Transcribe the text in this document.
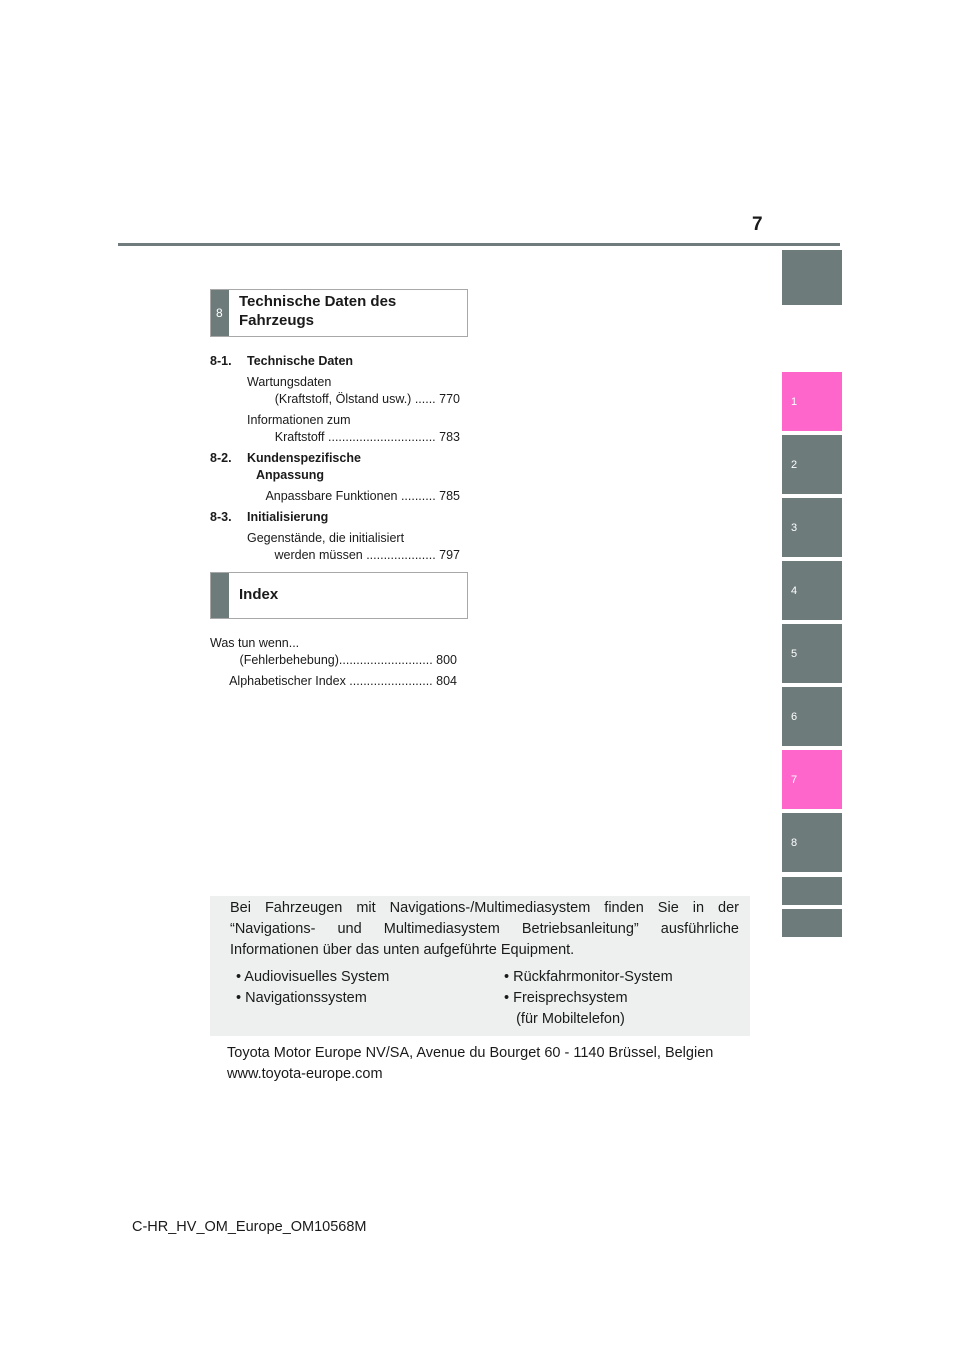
7
1
2
3
4
5
6
7
8
8
Technische Daten des
Fahrzeugs
8-1.	Technische Daten
Wartungsdaten
(Kraftstoff, Ölstand usw.) ...... 770
Informationen zum
Kraftstoff ............................... 783
8-2.	Kundenspezifische
Anpassung
Anpassbare Funktionen .......... 785
8-3.	Initialisierung
Gegenstände, die initialisiert
werden müssen .................... 797
Index
Was tun wenn...
(Fehlerbehebung)........................... 800
Alphabetischer Index ........................ 804
Bei Fahrzeugen mit Navigations-/Multimediasystem finden Sie in der “Navigations- und Multimediasystem Betriebsanleitung” ausführliche Informationen über das unten aufgeführte Equipment.
• Audiovisuelles System
• Navigationssystem
• Rückfahrmonitor-System
• Freisprechsystem
(für Mobiltelefon)
Toyota Motor Europe NV/SA, Avenue du Bourget 60 - 1140 Brüssel, Belgien
www.toyota-europe.com
C-HR_HV_OM_Europe_OM10568M
